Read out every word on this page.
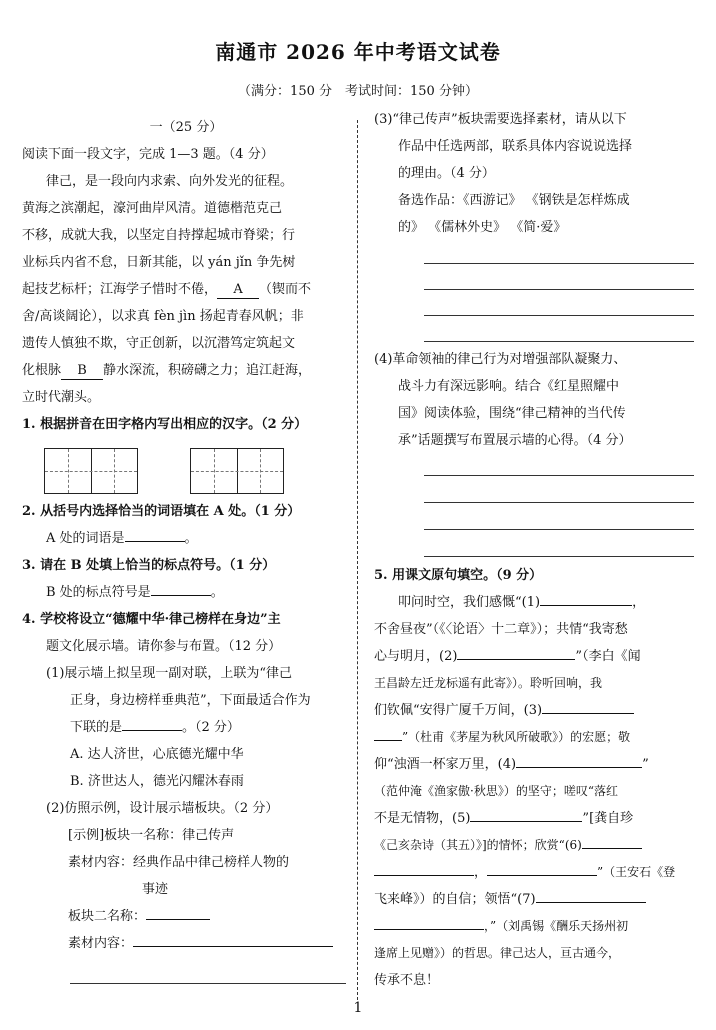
南通市 2026 年中考语文试卷
（满分：150 分　考试时间：150 分钟）

一（25 分）

阅读下面一段文字，完成 1—3 题。（4 分）

律己，是一段向内求索、向外发光的征程。

黄海之滨潮起，濠河曲岸风清。道德楷范克己

不移，成就大我，以坚定自持撑起城市脊梁；行

业标兵内省不怠，日新其能，以 yán jǐn 争先树

起技艺标杆；江海学子惜时不倦， A （锲而不

舍/高谈阔论），以求真 fèn jìn 扬起青春风帆；非

遗传人慎独不欺，守正创新，以沉潜笃定筑起文

化根脉 B 静水深流，积磅礴之力；追江赶海，

立时代潮头。

1. 根据拼音在田字格内写出相应的汉字。（2 分）

2. 从括号内选择恰当的词语填在 A 处。（1 分）

A 处的词语是	。

3. 请在 B 处填上恰当的标点符号。（1 分）

B 处的标点符号是	。

4. 学校将设立“德耀中华·律己榜样在身边”主

题文化展示墙。请你参与布置。（12 分）

(1)展示墙上拟呈现一副对联，上联为“律己

正身，身边榜样垂典范”，下面最适合作为

下联的是	。（2 分）

A. 达人济世，心底德光耀中华

B. 济世达人，德光闪耀沐春雨

(2)仿照示例，设计展示墙板块。（2 分）

[示例]板块一名称：律己传声

素材内容：经典作品中律己榜样人物的

事迹

板块二名称：

素材内容：

(3)“律己传声”板块需要选择素材，请从以下

作品中任选两部，联系具体内容说说选择

的理由。（4 分）

备选作品：《西游记》 《钢铁是怎样炼成

的》 《儒林外史》 《简·爱》

(4)革命领袖的律己行为对增强部队凝聚力、

战斗力有深远影响。结合《红星照耀中

国》阅读体验，围绕“律己精神的当代传

承”话题撰写布置展示墙的心得。（4 分）

5. 用课文原句填空。（9 分）

叩问时空，我们感慨“(1)	，

不舍昼夜”（《〈论语〉十二章》）；共情“我寄愁

心与明月，(2)	”（李白《闻

王昌龄左迁龙标遥有此寄》）。聆听回响，我

们钦佩“安得广厦千万间，(3)

”（杜甫《茅屋为秋风所破歌》）的宏愿；敬

仰“浊酒一杯家万里，(4)	”

（范仲淹《渔家傲·秋思》）的坚守；嗟叹“落红

不是无情物，(5)	”[龚自珍

《己亥杂诗（其五）》]的情怀；欣赏“(6)

，	”（王安石《登

飞来峰》）的自信；领悟“(7)

，”（刘禹锡《酬乐天扬州初

逢席上见赠》）的哲思。律己达人，亘古通今，

传承不息！

1
